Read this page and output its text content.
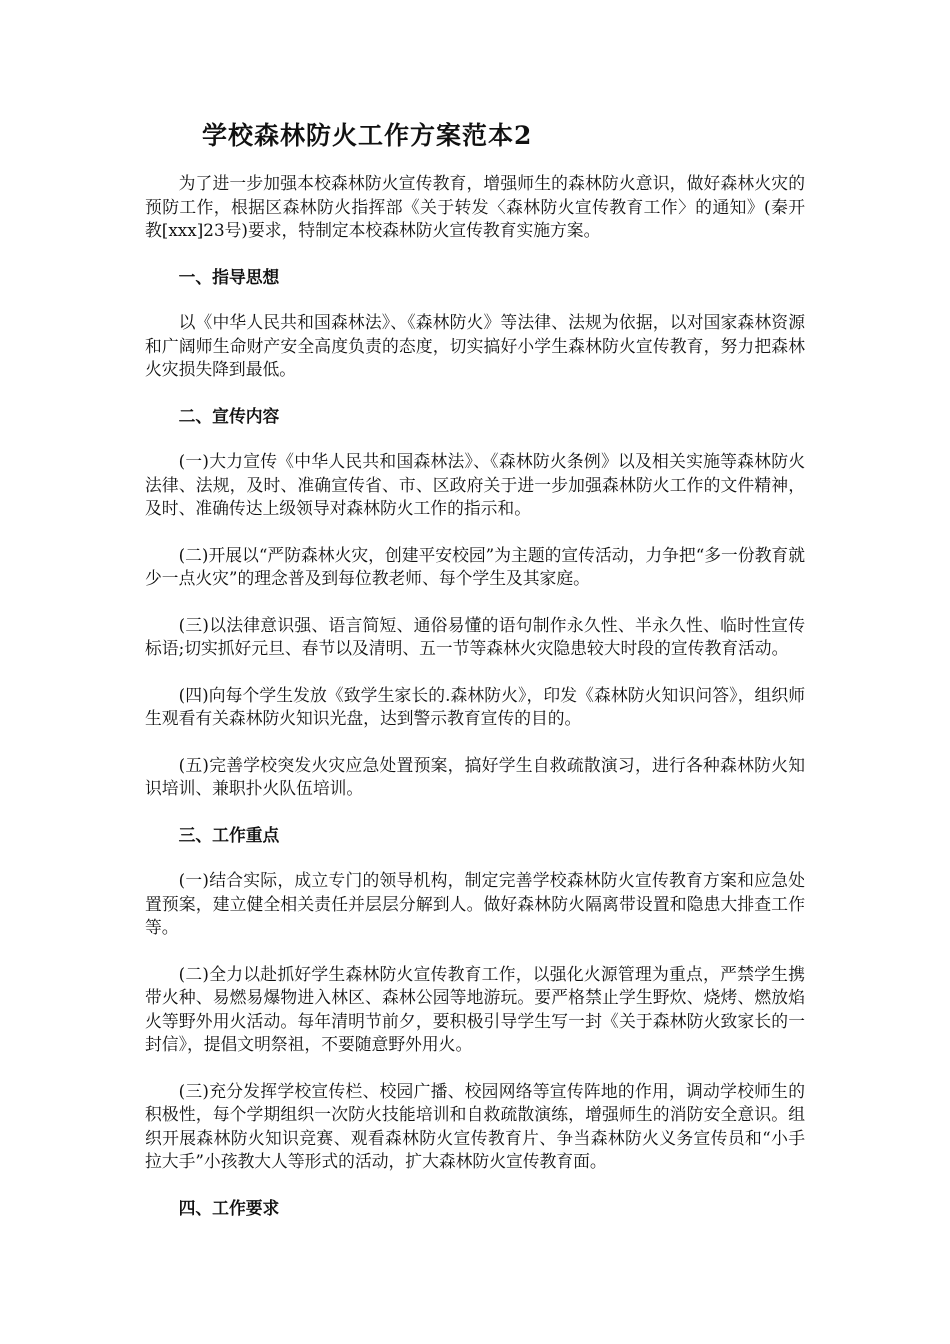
学校森林防火工作方案范本2

为了进一步加强本校森林防火宣传教育，增强师生的森林防火意识，做好森林火灾的预防工作，根据区森林防火指挥部《关于转发〈森林防火宣传教育工作〉的通知》(秦开教[xxx]23号)要求，特制定本校森林防火宣传教育实施方案。

一、指导思想

以《中华人民共和国森林法》、《森林防火》等法律、法规为依据，以对国家森林资源和广阔师生命财产安全高度负责的态度，切实搞好小学生森林防火宣传教育，努力把森林火灾损失降到最低。

二、宣传内容

(一)大力宣传《中华人民共和国森林法》、《森林防火条例》以及相关实施等森林防火法律、法规，及时、准确宣传省、市、区政府关于进一步加强森林防火工作的文件精神，及时、准确传达上级领导对森林防火工作的指示和。

(二)开展以“严防森林火灾，创建平安校园”为主题的宣传活动，力争把“多一份教育就少一点火灾”的理念普及到每位教老师、每个学生及其家庭。

(三)以法律意识强、语言简短、通俗易懂的语句制作永久性、半永久性、临时性宣传标语;切实抓好元旦、春节以及清明、五一节等森林火灾隐患较大时段的宣传教育活动。

(四)向每个学生发放《致学生家长的.森林防火》，印发《森林防火知识问答》，组织师生观看有关森林防火知识光盘，达到警示教育宣传的目的。

(五)完善学校突发火灾应急处置预案，搞好学生自救疏散演习，进行各种森林防火知识培训、兼职扑火队伍培训。

三、工作重点

(一)结合实际，成立专门的领导机构，制定完善学校森林防火宣传教育方案和应急处置预案，建立健全相关责任并层层分解到人。做好森林防火隔离带设置和隐患大排查工作等。

(二)全力以赴抓好学生森林防火宣传教育工作，以强化火源管理为重点，严禁学生携带火种、易燃易爆物进入林区、森林公园等地游玩。要严格禁止学生野炊、烧烤、燃放焰火等野外用火活动。每年清明节前夕，要积极引导学生写一封《关于森林防火致家长的一封信》，提倡文明祭祖，不要随意野外用火。

(三)充分发挥学校宣传栏、校园广播、校园网络等宣传阵地的作用，调动学校师生的积极性，每个学期组织一次防火技能培训和自救疏散演练，增强师生的消防安全意识。组织开展森林防火知识竞赛、观看森林防火宣传教育片、争当森林防火义务宣传员和“小手拉大手”小孩教大人等形式的活动，扩大森林防火宣传教育面。

四、工作要求
